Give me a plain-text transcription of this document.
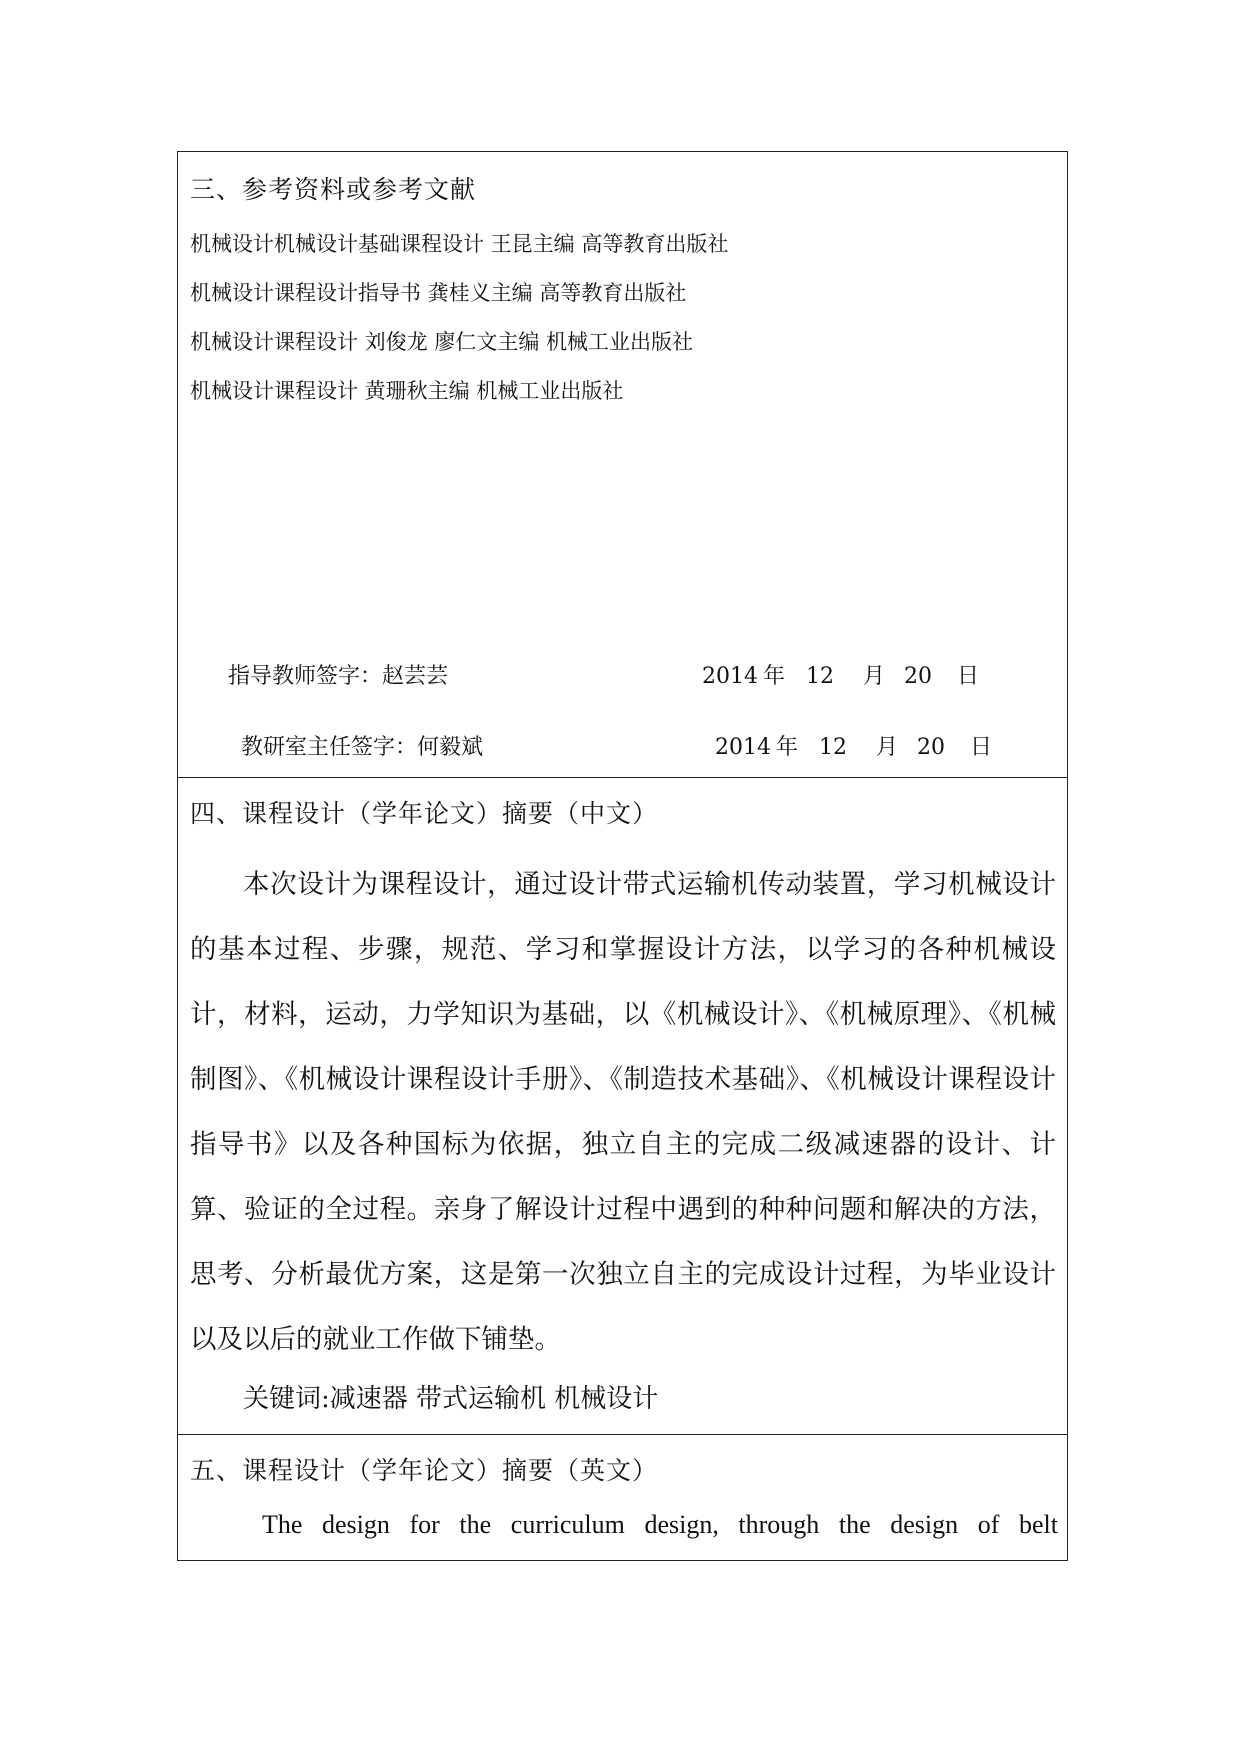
三、参考资料或参考文献
机械设计机械设计基础课程设计 王昆主编 高等教育出版社
机械设计课程设计指导书 龚桂义主编 高等教育出版社
机械设计课程设计 刘俊龙 廖仁文主编 机械工业出版社
机械设计课程设计 黄珊秋主编 机械工业出版社
指导教师签字：赵芸芸	2014 年 12 月 20 日
教研室主任签字：何毅斌	2014 年 12 月 20 日
四、课程设计（学年论文）摘要（中文）

本次设计为课程设计，通过设计带式运输机传动装置，学习机械设计的基本过程、步骤，规范、学习和掌握设计方法，以学习的各种机械设计，材料，运动，力学知识为基础，以《机械设计》、《机械原理》、《机械制图》、《机械设计课程设计手册》、《制造技术基础》、《机械设计课程设计指导书》以及各种国标为依据，独立自主的完成二级减速器的设计、计算、验证的全过程。亲身了解设计过程中遇到的种种问题和解决的方法，思考、分析最优方案，这是第一次独立自主的完成设计过程，为毕业设计以及以后的就业工作做下铺垫。

关键词:减速器 带式运输机 机械设计
五、课程设计（学年论文）摘要（英文）
The design for the curriculum design, through the design of belt
